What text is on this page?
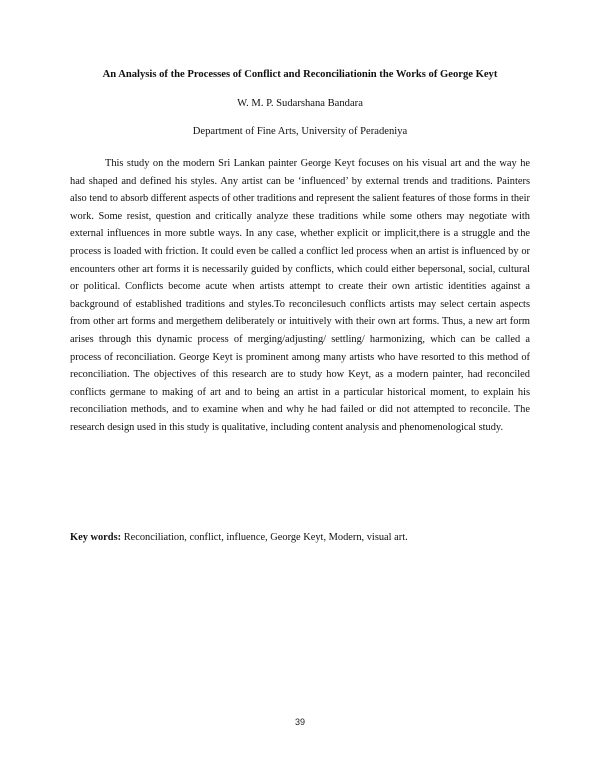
An Analysis of the Processes of Conflict and Reconciliationin the Works of George Keyt

W. M. P. Sudarshana Bandara

Department of Fine Arts, University of Peradeniya

This study on the modern Sri Lankan painter George Keyt focuses on his visual art and the way he had shaped and defined his styles. Any artist can be ‘influenced’ by external trends and traditions. Painters also tend to absorb different aspects of other traditions and represent the salient features of those forms in their work. Some resist, question and critically analyze these traditions while some others may negotiate with external influences in more subtle ways. In any case, whether explicit or implicit,there is a struggle and the process is loaded with friction. It could even be called a conflict led process when an artist is influenced by or encounters other art forms it is necessarily guided by conflicts, which could either bepersonal, social, cultural or political. Conflicts become acute when artists attempt to create their own artistic identities against a background of established traditions and styles.To reconcilesuch conflicts artists may select certain aspects from other art forms and mergethem deliberately or intuitively with their own art forms. Thus, a new art form arises through this dynamic process of merging/adjusting/ settling/ harmonizing, which can be called a process of reconciliation. George Keyt is prominent among many artists who have resorted to this method of reconciliation. The objectives of this research are to study how Keyt, as a modern painter, had reconciled conflicts germane to making of art and to being an artist in a particular historical moment, to explain his reconciliation methods, and to examine when and why he had failed or did not attempted to reconcile. The research design used in this study is qualitative, including content analysis and phenomenological study.

Key words: Reconciliation, conflict, influence, George Keyt, Modern, visual art.

39
